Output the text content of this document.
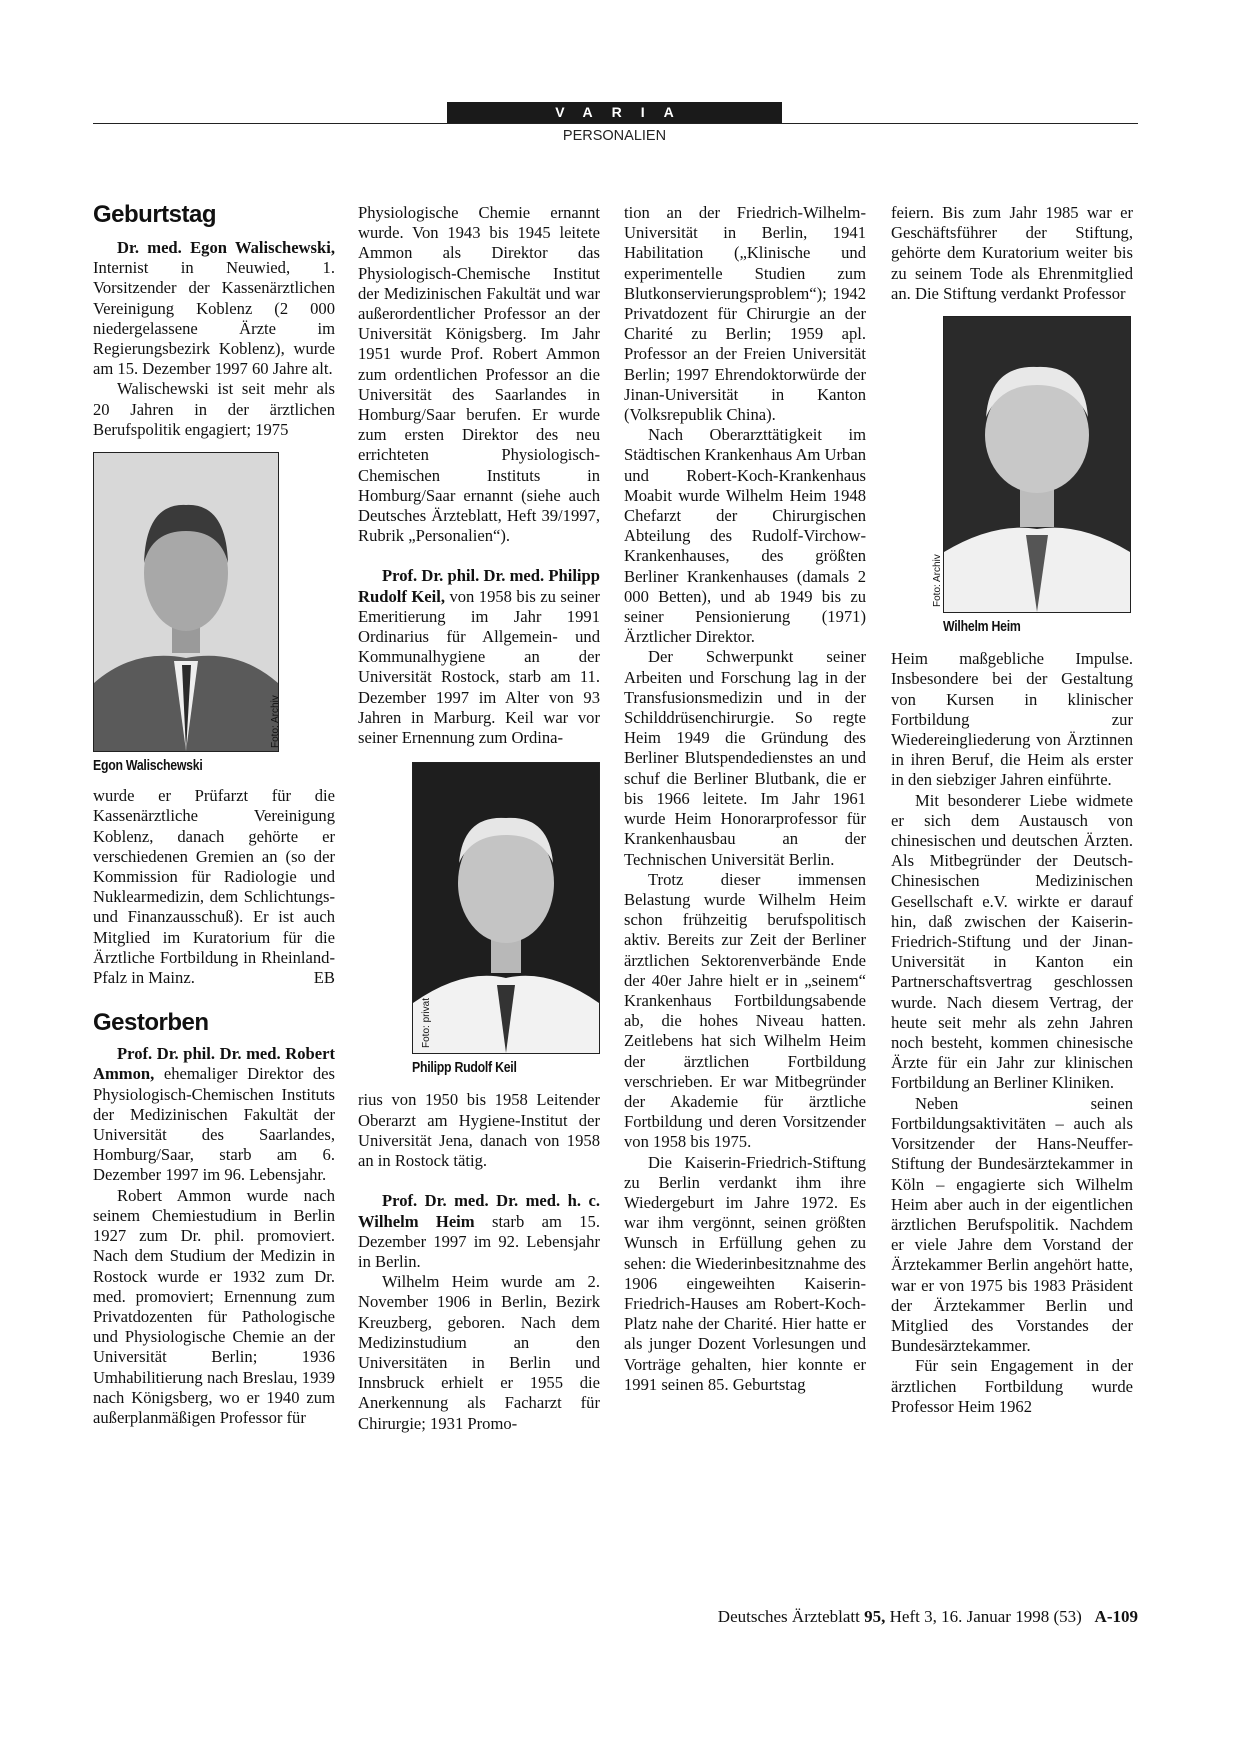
VARIA
PERSONALIEN
Geburtstag

Dr. med. Egon Walischewski, Internist in Neuwied, 1. Vorsitzender der Kassenärztlichen Vereinigung Koblenz (2 000 niedergelassene Ärzte im Regierungsbezirk Koblenz), wurde am 15. Dezember 1997 60 Jahre alt.

Walischewski ist seit mehr als 20 Jahren in der ärztlichen Berufspolitik engagiert; 1975

Foto: Archiv
Egon Walischewski

wurde er Prüfarzt für die Kassenärztliche Vereinigung Koblenz, danach gehörte er verschiedenen Gremien an (so der Kommission für Radiologie und Nuklearmedizin, dem Schlichtungs- und Finanzausschuß). Er ist auch Mitglied im Kuratorium für die Ärztliche Fortbildung in Rheinland-Pfalz in Mainz.	EB

Gestorben

Prof. Dr. phil. Dr. med. Robert Ammon, ehemaliger Direktor des Physiologisch-Chemischen Instituts der Medizinischen Fakultät der Universität des Saarlandes, Homburg/Saar, starb am 6. Dezember 1997 im 96. Lebensjahr.

Robert Ammon wurde nach seinem Chemiestudium in Berlin 1927 zum Dr. phil. promoviert. Nach dem Studium der Medizin in Rostock wurde er 1932 zum Dr. med. promoviert; Ernennung zum Privatdozenten für Pathologische und Physiologische Chemie an der Universität Berlin; 1936 Umhabilitierung nach Breslau, 1939 nach Königsberg, wo er 1940 zum außerplanmäßigen Professor für

Physiologische Chemie ernannt wurde. Von 1943 bis 1945 leitete Ammon als Direktor das Physiologisch-Chemische Institut der Medizinischen Fakultät und war außerordentlicher Professor an der Universität Königsberg. Im Jahr 1951 wurde Prof. Robert Ammon zum ordentlichen Professor an die Universität des Saarlandes in Homburg/Saar berufen. Er wurde zum ersten Direktor des neu errichteten Physiologisch-Chemischen Instituts in Homburg/Saar ernannt (siehe auch Deutsches Ärzteblatt, Heft 39/1997, Rubrik „Personalien“).

Prof. Dr. phil. Dr. med. Philipp Rudolf Keil, von 1958 bis zu seiner Emeritierung im Jahr 1991 Ordinarius für Allgemein- und Kommunalhygiene an der Universität Rostock, starb am 11. Dezember 1997 im Alter von 93 Jahren in Marburg. Keil war vor seiner Ernennung zum Ordina-

Foto: privat
Philipp Rudolf Keil

rius von 1950 bis 1958 Leitender Oberarzt am Hygiene-Institut der Universität Jena, danach von 1958 an in Rostock tätig.

Prof. Dr. med. Dr. med. h. c. Wilhelm Heim starb am 15. Dezember 1997 im 92. Lebensjahr in Berlin.

Wilhelm Heim wurde am 2. November 1906 in Berlin, Bezirk Kreuzberg, geboren. Nach dem Medizinstudium an den Universitäten in Berlin und Innsbruck erhielt er 1955 die Anerkennung als Facharzt für Chirurgie; 1931 Promo-

tion an der Friedrich-Wilhelm-Universität in Berlin, 1941 Habilitation („Klinische und experimentelle Studien zum Blutkonservierungsproblem“); 1942 Privatdozent für Chirurgie an der Charité zu Berlin; 1959 apl. Professor an der Freien Universität Berlin; 1997 Ehrendoktorwürde der Jinan-Universität in Kanton (Volksrepublik China).

Nach Oberarzttätigkeit im Städtischen Krankenhaus Am Urban und Robert-Koch-Krankenhaus Moabit wurde Wilhelm Heim 1948 Chefarzt der Chirurgischen Abteilung des Rudolf-Virchow-Krankenhauses, des größten Berliner Krankenhauses (damals 2 000 Betten), und ab 1949 bis zu seiner Pensionierung (1971) Ärztlicher Direktor.

Der Schwerpunkt seiner Arbeiten und Forschung lag in der Transfusionsmedizin und in der Schilddrüsenchirurgie. So regte Heim 1949 die Gründung des Berliner Blutspendedienstes an und schuf die Berliner Blutbank, die er bis 1966 leitete. Im Jahr 1961 wurde Heim Honorarprofessor für Krankenhausbau an der Technischen Universität Berlin.

Trotz dieser immensen Belastung wurde Wilhelm Heim schon frühzeitig berufspolitisch aktiv. Bereits zur Zeit der Berliner ärztlichen Sektorenverbände Ende der 40er Jahre hielt er in „seinem“ Krankenhaus Fortbildungsabende ab, die hohes Niveau hatten. Zeitlebens hat sich Wilhelm Heim der ärztlichen Fortbildung verschrieben. Er war Mitbegründer der Akademie für ärztliche Fortbildung und deren Vorsitzender von 1958 bis 1975.

Die Kaiserin-Friedrich-Stiftung zu Berlin verdankt ihm ihre Wiedergeburt im Jahre 1972. Es war ihm vergönnt, seinen größten Wunsch in Erfüllung gehen zu sehen: die Wiederinbesitznahme des 1906 eingeweihten Kaiserin-Friedrich-Hauses am Robert-Koch-Platz nahe der Charité. Hier hatte er als junger Dozent Vorlesungen und Vorträge gehalten, hier konnte er 1991 seinen 85. Geburtstag

feiern. Bis zum Jahr 1985 war er Geschäftsführer der Stiftung, gehörte dem Kuratorium weiter bis zu seinem Tode als Ehrenmitglied an. Die Stiftung verdankt Professor

Foto: Archiv
Wilhelm Heim

Heim maßgebliche Impulse. Insbesondere bei der Gestaltung von Kursen in klinischer Fortbildung zur Wiedereingliederung von Ärztinnen in ihren Beruf, die Heim als erster in den siebziger Jahren einführte.

Mit besonderer Liebe widmete er sich dem Austausch von chinesischen und deutschen Ärzten. Als Mitbegründer der Deutsch-Chinesischen Medizinischen Gesellschaft e.V. wirkte er darauf hin, daß zwischen der Kaiserin-Friedrich-Stiftung und der Jinan-Universität in Kanton ein Partnerschaftsvertrag geschlossen wurde. Nach diesem Vertrag, der heute seit mehr als zehn Jahren noch besteht, kommen chinesische Ärzte für ein Jahr zur klinischen Fortbildung an Berliner Kliniken.

Neben seinen Fortbildungsaktivitäten – auch als Vorsitzender der Hans-Neuffer-Stiftung der Bundesärztekammer in Köln – engagierte sich Wilhelm Heim aber auch in der eigentlichen ärztlichen Berufspolitik. Nachdem er viele Jahre dem Vorstand der Ärztekammer Berlin angehört hatte, war er von 1975 bis 1983 Präsident der Ärztekammer Berlin und Mitglied des Vorstandes der Bundesärztekammer.

Für sein Engagement in der ärztlichen Fortbildung wurde Professor Heim 1962

Deutsches Ärzteblatt 95, Heft 3, 16. Januar 1998 (53) A-109
